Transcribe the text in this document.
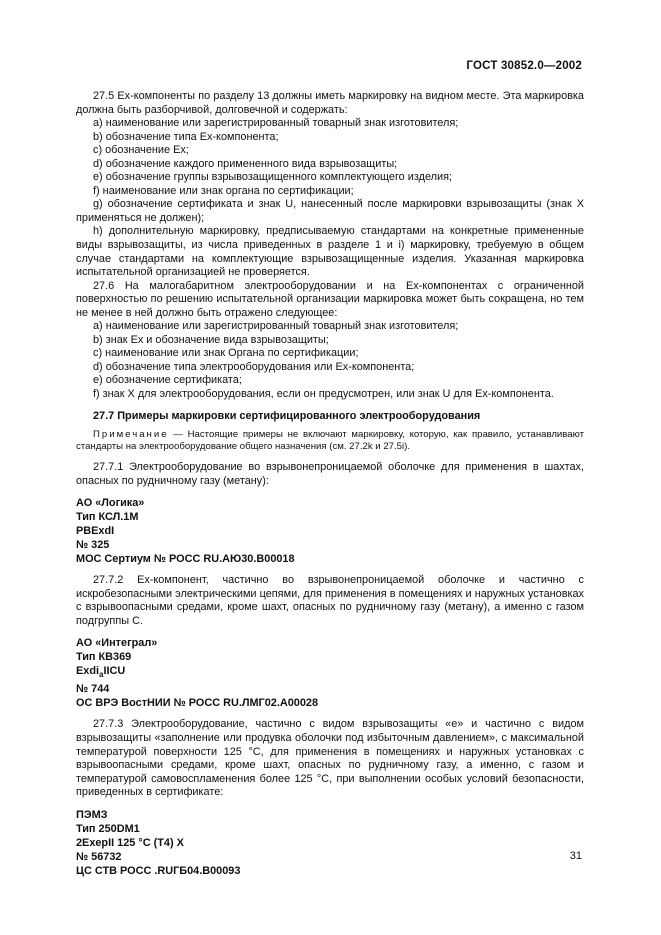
ГОСТ 30852.0—2002

27.5 Ex-компоненты по разделу 13 должны иметь маркировку на видном месте. Эта маркировка должна быть разборчивой, долговечной и содержать:

a) наименование или зарегистрированный товарный знак изготовителя;

b) обозначение типа Ex-компонента;

c) обозначение Ex;

d) обозначение каждого примененного вида взрывозащиты;

e) обозначение группы взрывозащищенного комплектующего изделия;

f) наименование или знак органа по сертификации;

g) обозначение сертификата и знак U, нанесенный после маркировки взрывозащиты (знак X применяться не должен);

h) дополнительную маркировку, предписываемую стандартами на конкретные примененные виды взрывозащиты, из числа приведенных в разделе 1 и i) маркировку, требуемую в общем случае стандартами на комплектующие взрывозащищенные изделия. Указанная маркировка испытательной организацией не проверяется.

27.6 На малогабаритном электрооборудовании и на Ex-компонентах с ограниченной поверхностью по решению испытательной организации маркировка может быть сокращена, но тем не менее в ней должно быть отражено следующее:

a) наименование или зарегистрированный товарный знак изготовителя;

b) знак Ex и обозначение вида взрывозащиты;

c) наименование или знак Органа по сертификации;

d) обозначение типа электрооборудования или Ex-компонента;

e) обозначение сертификата;

f) знак X для электрооборудования, если он предусмотрен, или знак U для Ex-компонента.

27.7 Примеры маркировки сертифицированного электрооборудования

Примечание — Настоящие примеры не включают маркировку, которую, как правило, устанавливают стандарты на электрооборудование общего назначения (см. 27.2k и 27.5i).

27.7.1 Электрооборудование во взрывонепроницаемой оболочке для применения в шахтах, опасных по рудничному газу (метану):

АО «Логика»
Тип КСЛ.1М
PBExdI
№ 325
МОС Сертиум № РОСС RU.АЮ30.В00018

27.7.2 Ex-компонент, частично во взрывонепроницаемой оболочке и частично с искробезопасными электрическими цепями, для применения в помещениях и наружных установках с взрывоопасными средами, кроме шахт, опасных по рудничному газу (метану), а именно с газом подгруппы С.

АО «Интеграл»
Тип КВ369
Exdi$_a$IICU
№ 744
ОС ВРЭ ВостНИИ № РОСС RU.ЛМГ02.А00028

27.7.3 Электрооборудование, частично с видом взрывозащиты «е» и частично с видом взрывозащиты «заполнение или продувка оболочки под избыточным давлением», с максимальной температурой поверхности 125 °С, для применения в помещениях и наружных установках с взрывоопасными средами, кроме шахт, опасных по рудничному газу, а именно, с газом и температурой самовоспламенения более 125 °С, при выполнении особых условий безопасности, приведенных в сертификате:

ПЭМЗ
Тип 250DM1
2ExepII 125 °C (T4) X
№ 56732
ЦС СТВ РОСС .RUГБ04.В00093
31
